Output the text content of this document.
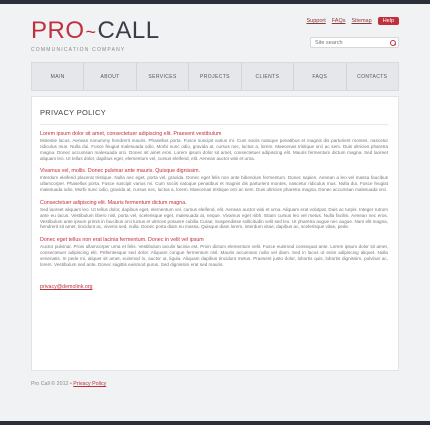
PRO~CALL
COMMUNICATION COMPANY
Support FAQs Sitemap	Help
Site search
MAIN	ABOUT	SERVICES	PROJECTS	CLIENTS	FAQS	CONTACTS
PRIVACY POLICY
Lorem ipsum dolor sit amet, consectetuer adipiscing elit. Praesent vestibulum
Molestie lacus. Aenean nonummy hendrerit mauris. Phasellus porta. Fusce suscipit varius mi. Cum sociis natoque penatibus et magnis dis parturient montes, nascetur ridiculus mus. Nulla dui. Fusce feugiat malesuada odio. Morbi nunc odio, gravida at, cursus nec, luctus a, lorem. Maecenas tristique orci ac sem. Duis ultricies pharetra magna. Donec accumsan malesuada orci. Donec sit amet eros. Lorem ipsum dolor sit amet, consectetuer adipiscing elit. Mauris fermentum dictum magna. Sed laoreet aliquam leo. Ut tellus dolor, dapibus eget, elementum vel, cursus eleifend, elit. Aenean auctor wisi et urna.
Vivamus vel, mollis. Donec pulvinar ante mauris. Quisque dignissim.
Interdum eleifend placerat tristique. Nulla nec eget, porta vel, gravida. Donec eget felis non ante bibendum fermentum. Donec sapien. Aenean a leo vel massa faucibus ullamcorper. Phasellus porta. Fusce suscipit varius mi. Cum sociis natoque penatibus et magnis dis parturient montes, nascetur ridiculus mus. Nulla dui. Fusce feugiat malesuada odio. Morbi nunc odio, gravida at, cursus nec, luctus a, lorem. Maecenas tristique orci ac sem. Duis ultricies pharetra magna. Donec accumsan malesuada orci.
Consectetuer adipiscing elit. Mauris fermentum dictum magna.
Sed laoreet aliquam leo. Ut tellus dolor, dapibus eget, elementum vel, cursus eleifend, elit. Aenean auctor wisi et urna. Aliquam erat volutpat. Duis ac turpis. Integer rutrum ante eu lacus. Vestibulum libero nisl, porta vel, scelerisque eget, malesuada at, neque. Vivamus eget nibh. Etiam cursus leo vel metus. Nulla facilisi. Aenean nec eros. Vestibulum ante ipsum primis in faucibus orci luctus et ultrices posuere cubilia Curae; Suspendisse sollicitudin velit sed leo. Ut pharetra augue nec augue. Nam elit magna, hendrerit sit amet, tincidunt ac, viverra sed, nulla. Donec porta diam eu massa. Quisque diam lorem, interdum vitae, dapibus ac, scelerisque vitae, pede.
Donec eget tellus non erat lacinia fermentum. Donec in velit vel ipsum
Auctor pulvinar. Proin ullamcorper urna et felis. Vestibulum iaculis lacinia est. Proin dictum elementum velit. Fusce euismod consequat ante. Lorem ipsum dolor sit amet, consectetuer adipiscing elit. Pellentesque sed dolor. Aliquam congue fermentum nisl. Mauris accumsan nulla vel diam. Sed in lacus ut enim adipiscing aliquet. Nulla venenatis. In pede mi, aliquet sit amet, euismod in, auctor ut, ligula. Aliquam dapibus tincidunt metus. Praesent justo dolor, lobortis quis, lobortis dignissim, pulvinar ac, lorem. Vestibulum sed ante. Donec sagittis euismod purus. Sed dignissim erat sed mauris.
privacy@demolink.org
Pro Call © 2012 • Privacy Policy
